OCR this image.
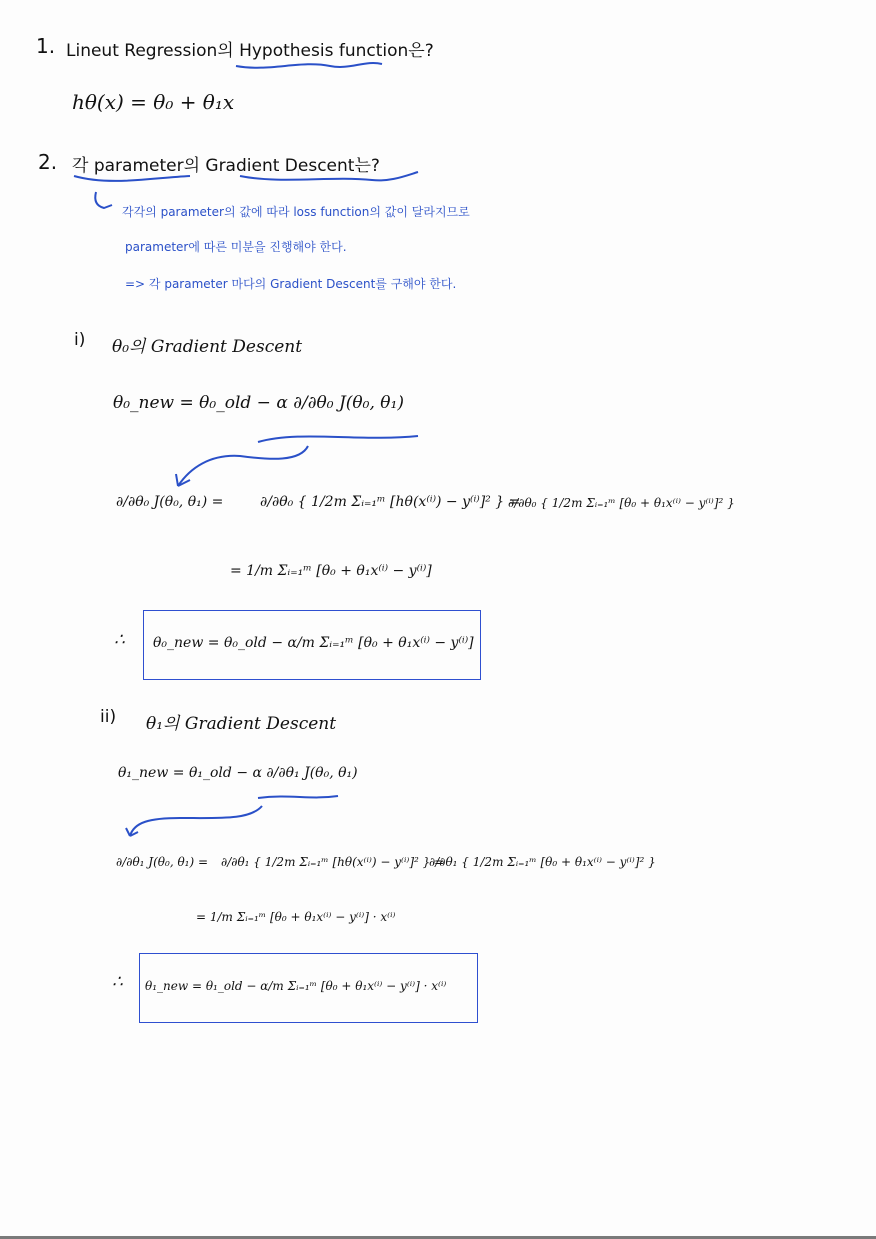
1. Lineut Regression의 Hypothesis function은?
hθ(x) = θ₀ + θ₁x
2. 각 parameter의 Gradient Descent는?
각각의 parameter의 값에 따라 loss function의 값이 달라지므로
parameter에 따른 미분을 진행해야 한다.
=> 각 parameter 마다의 Gradient Descent를 구해야 한다.
i) θ₀의 Gradient Descent
θ₀_new = θ₀_old − α ∂/∂θ₀ J(θ₀, θ₁)
∂/∂θ₀ J(θ₀, θ₁) =	∂/∂θ₀ { 1/2m Σᵢ₌₁ᵐ [hθ(x⁽ⁱ⁾) − y⁽ⁱ⁾]² } =
∂/∂θ₀ { 1/2m Σᵢ₌₁ᵐ [θ₀ + θ₁x⁽ⁱ⁾ − y⁽ⁱ⁾]² }
= 1/m Σᵢ₌₁ᵐ [θ₀ + θ₁x⁽ⁱ⁾ − y⁽ⁱ⁾]
∴ θ₀_new = θ₀_old − α/m Σᵢ₌₁ᵐ [θ₀ + θ₁x⁽ⁱ⁾ − y⁽ⁱ⁾]
ii) θ₁의 Gradient Descent
θ₁_new = θ₁_old − α ∂/∂θ₁ J(θ₀, θ₁)
∂/∂θ₁ J(θ₀, θ₁) = ∂/∂θ₁ { 1/2m Σᵢ₌₁ᵐ [hθ(x⁽ⁱ⁾) − y⁽ⁱ⁾]² } =
∂/∂θ₁ { 1/2m Σᵢ₌₁ᵐ [θ₀ + θ₁x⁽ⁱ⁾ − y⁽ⁱ⁾]² }
= 1/m Σᵢ₌₁ᵐ [θ₀ + θ₁x⁽ⁱ⁾ − y⁽ⁱ⁾] · x⁽ⁱ⁾
∴ θ₁_new = θ₁_old − α/m Σᵢ₌₁ᵐ [θ₀ + θ₁x⁽ⁱ⁾ − y⁽ⁱ⁾] · x⁽ⁱ⁾
